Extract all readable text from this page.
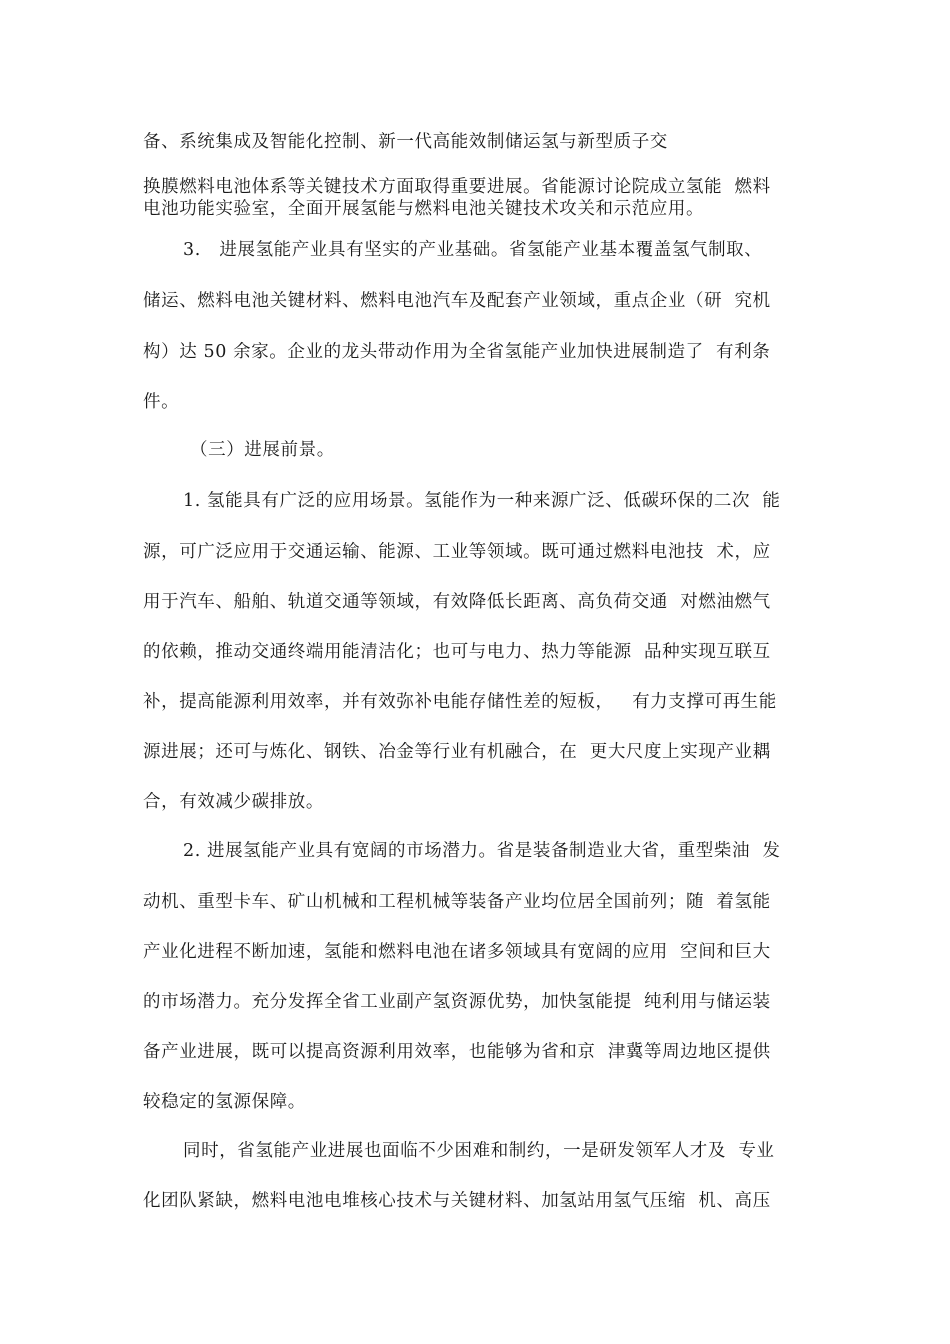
备、系统集成及智能化控制、新一代高能效制储运氢与新型质子交
换膜燃料电池体系等关键技术方面取得重要进展。省能源讨论院成立氢能  燃料
电池功能实验室，全面开展氢能与燃料电池关键技术攻关和示范应用。
3.   进展氢能产业具有坚实的产业基础。省氢能产业基本覆盖氢气制取、
储运、燃料电池关键材料、燃料电池汽车及配套产业领域，重点企业（研  究机
构）达 50 余家。企业的龙头带动作用为全省氢能产业加快进展制造了  有利条
件。
（三）进展前景。
1. 氢能具有广泛的应用场景。氢能作为一种来源广泛、低碳环保的二次  能
源，可广泛应用于交通运输、能源、工业等领域。既可通过燃料电池技  术，应
用于汽车、船舶、轨道交通等领域，有效降低长距离、高负荷交通  对燃油燃气
的依赖，推动交通终端用能清洁化；也可与电力、热力等能源  品种实现互联互
补，提高能源利用效率，并有效弥补电能存储性差的短板，   有力支撑可再生能
源进展；还可与炼化、钢铁、冶金等行业有机融合，在  更大尺度上实现产业耦
合，有效减少碳排放。
2. 进展氢能产业具有宽阔的市场潜力。省是装备制造业大省，重型柴油  发
动机、重型卡车、矿山机械和工程机械等装备产业均位居全国前列；随  着氢能
产业化进程不断加速，氢能和燃料电池在诸多领域具有宽阔的应用  空间和巨大
的市场潜力。充分发挥全省工业副产氢资源优势，加快氢能提  纯利用与储运装
备产业进展，既可以提高资源利用效率，也能够为省和京  津冀等周边地区提供
较稳定的氢源保障。
同时，省氢能产业进展也面临不少困难和制约，一是研发领军人才及  专业
化团队紧缺，燃料电池电堆核心技术与关键材料、加氢站用氢气压缩  机、高压
